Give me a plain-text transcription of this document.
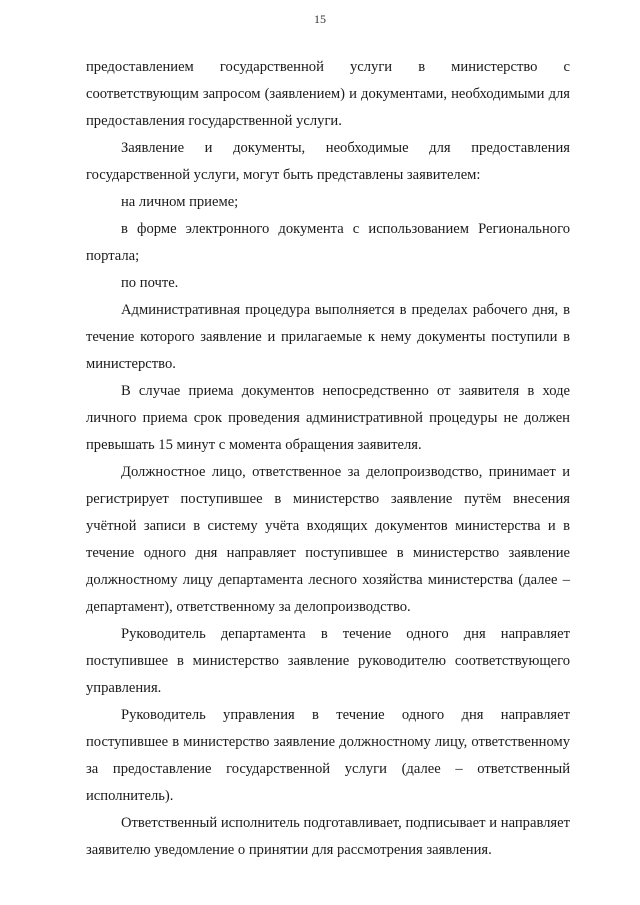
15

предоставлением государственной услуги в министерство с соответствующим запросом (заявлением) и документами, необходимыми для предоставления государственной услуги.

Заявление и документы, необходимые для предоставления государственной услуги, могут быть представлены заявителем:

на личном приеме;

в форме электронного документа с использованием Регионального портала;

по почте.

Административная процедура выполняется в пределах рабочего дня, в течение которого заявление и прилагаемые к нему документы поступили в министерство.

В случае приема документов непосредственно от заявителя в ходе личного приема срок проведения административной процедуры не должен превышать 15 минут с момента обращения заявителя.

Должностное лицо, ответственное за делопроизводство, принимает и регистрирует поступившее в министерство заявление путём внесения учётной записи в систему учёта входящих документов министерства и в течение одного дня направляет поступившее в министерство заявление должностному лицу департамента лесного хозяйства министерства (далее – департамент), ответственному за делопроизводство.

Руководитель департамента в течение одного дня направляет поступившее в министерство заявление руководителю соответствующего управления.

Руководитель управления в течение одного дня направляет поступившее в министерство заявление должностному лицу, ответственному за предоставление государственной услуги (далее – ответственный исполнитель).

Ответственный исполнитель подготавливает, подписывает и направляет заявителю уведомление о принятии для рассмотрения заявления.
